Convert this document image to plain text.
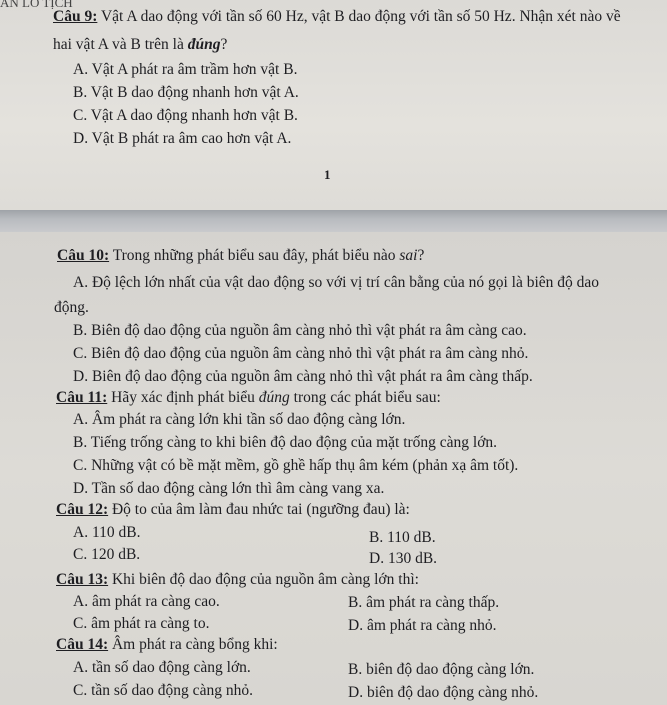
AN LO TỊCH
Câu 9: Vật A dao động với tần số 60 Hz, vật B dao động với tần số 50 Hz. Nhận xét nào về
hai vật A và B trên là đúng?
A. Vật A phát ra âm trầm hơn vật B.
B. Vật B dao động nhanh hơn vật A.
C. Vật A dao động nhanh hơn vật B.
D. Vật B phát ra âm cao hơn vật A.
1
Câu 10: Trong những phát biểu sau đây, phát biểu nào sai?
A. Độ lệch lớn nhất của vật dao động so với vị trí cân bằng của nó gọi là biên độ dao
động.
B. Biên độ dao động của nguồn âm càng nhỏ thì vật phát ra âm càng cao.
C. Biên độ dao động của nguồn âm càng nhỏ thì vật phát ra âm càng nhỏ.
D. Biên độ dao động của nguồn âm càng nhỏ thì vật phát ra âm càng thấp.
Câu 11: Hãy xác định phát biểu đúng trong các phát biểu sau:
A. Âm phát ra càng lớn khi tần số dao động càng lớn.
B. Tiếng trống càng to khi biên độ dao động của mặt trống càng lớn.
C. Những vật có bề mặt mềm, gồ ghề hấp thụ âm kém (phản xạ âm tốt).
D. Tần số dao động càng lớn thì âm càng vang xa.
Câu 12: Độ to của âm làm đau nhức tai (ngưỡng đau) là:
A. 110 dB.	B. 110 dB.
C. 120 dB.	D. 130 dB.
Câu 13: Khi biên độ dao động của nguồn âm càng lớn thì:
A. âm phát ra càng cao.	B. âm phát ra càng thấp.
C. âm phát ra càng to.	D. âm phát ra càng nhỏ.
Câu 14: Âm phát ra càng bổng khi:
A. tần số dao động càng lớn.	B. biên độ dao động càng lớn.
C. tần số dao động càng nhỏ.	D. biên độ dao động càng nhỏ.
